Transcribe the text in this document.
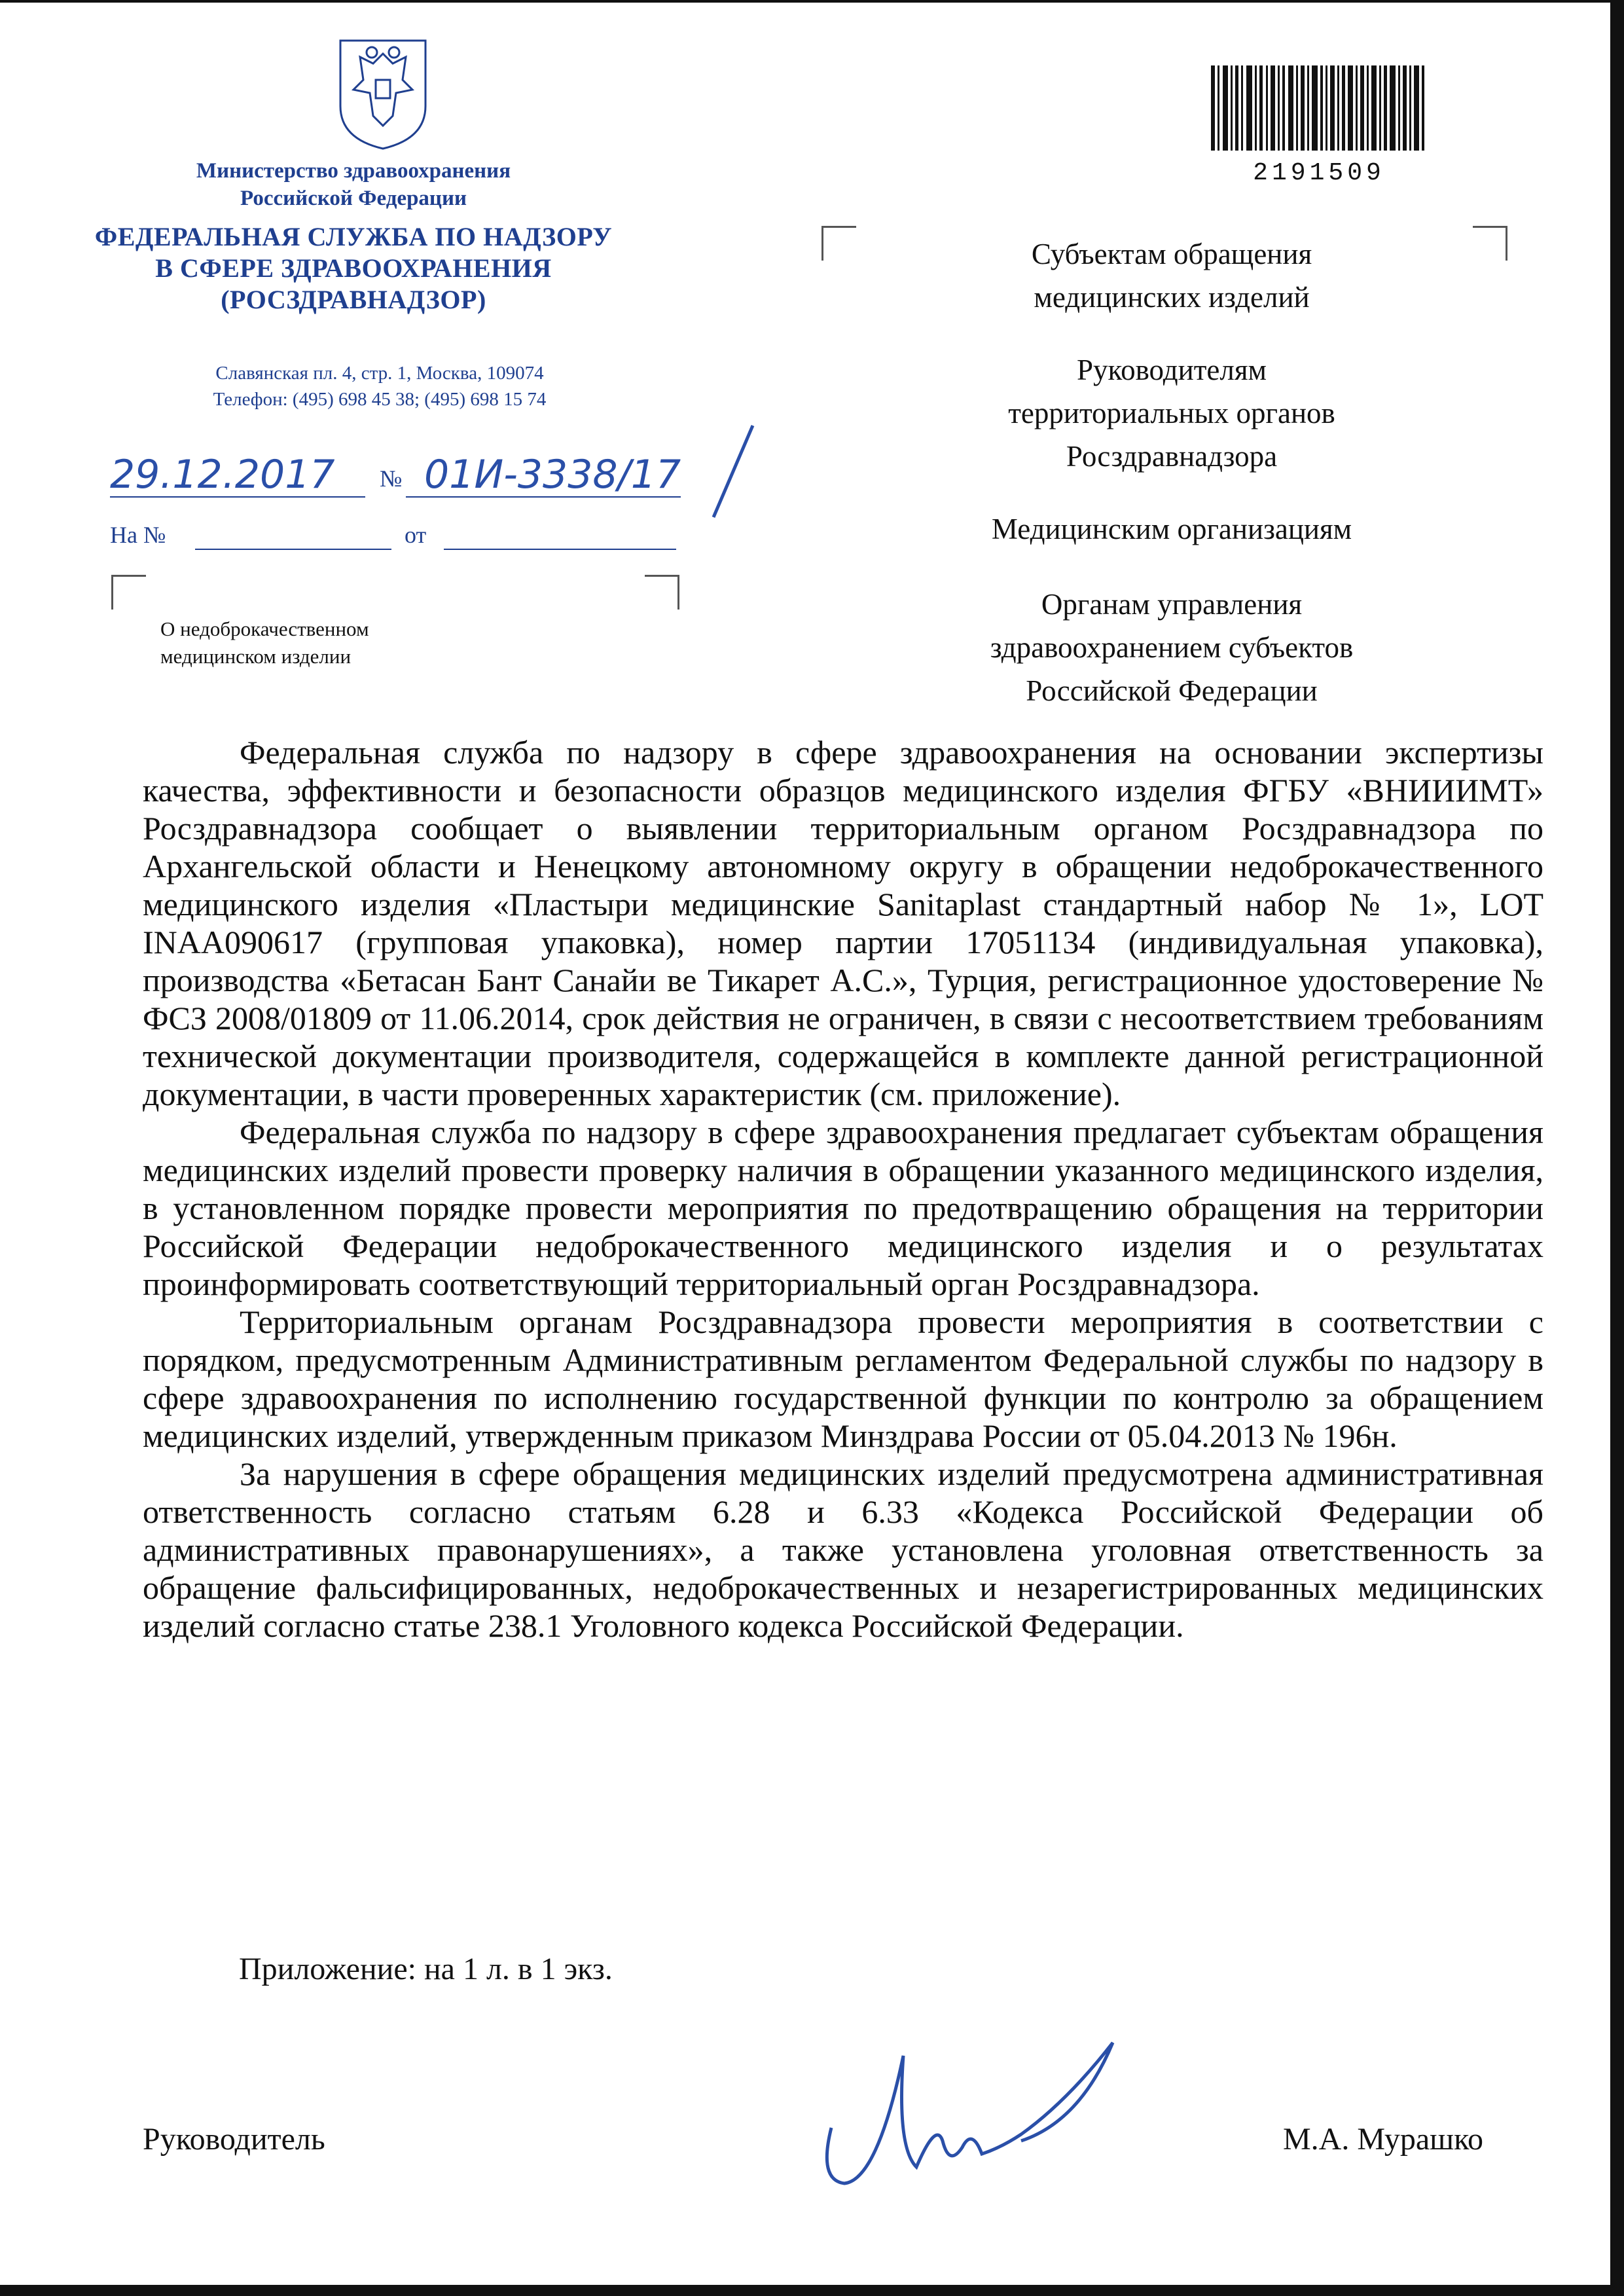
Министерство здравоохранения
Российской Федерации
ФЕДЕРАЛЬНАЯ СЛУЖБА ПО НАДЗОРУ
В СФЕРЕ ЗДРАВООХРАНЕНИЯ
(РОСЗДРАВНАДЗОР)
Славянская пл. 4, стр. 1, Москва, 109074
Телефон: (495) 698 45 38; (495) 698 15 74
2191509
29.12.2017 № 01И-3338/17
На №	от
О недоброкачественном
медицинском изделии
Субъектам обращения
медицинских изделий
Руководителям
территориальных органов
Росздравнадзора
Медицинским организациям
Органам управления
здравоохранением субъектов
Российской Федерации

Федеральная служба по надзору в сфере здравоохранения на основании экспертизы качества, эффективности и безопасности образцов медицинского изделия ФГБУ «ВНИИИМТ» Росздравнадзора сообщает о выявлении территориальным органом Росздравнадзора по Архангельской области и Ненецкому автономному округу в обращении недоброкачественного медицинского изделия «Пластыри медицинские Sanitaplast стандартный набор № 1», LOT INAA090617 (групповая упаковка), номер партии 17051134 (индивидуальная упаковка), производства «Бетасан Бант Санайи ве Тикарет А.С.», Турция, регистрационное удостоверение № ФСЗ 2008/01809 от 11.06.2014, срок действия не ограничен, в связи с несоответствием требованиям технической документации производителя, содержащейся в комплекте данной регистрационной документации, в части проверенных характеристик (см. приложение).

Федеральная служба по надзору в сфере здравоохранения предлагает субъектам обращения медицинских изделий провести проверку наличия в обращении указанного медицинского изделия, в установленном порядке провести мероприятия по предотвращению обращения на территории Российской Федерации недоброкачественного медицинского изделия и о результатах проинформировать соответствующий территориальный орган Росздравнадзора.

Территориальным органам Росздравнадзора провести мероприятия в соответствии с порядком, предусмотренным Административным регламентом Федеральной службы по надзору в сфере здравоохранения по исполнению государственной функции по контролю за обращением медицинских изделий, утвержденным приказом Минздрава России от 05.04.2013 № 196н.

За нарушения в сфере обращения медицинских изделий предусмотрена административная ответственность согласно статьям 6.28 и 6.33 «Кодекса Российской Федерации об административных правонарушениях», а также установлена уголовная ответственность за обращение фальсифицированных, недоброкачественных и незарегистрированных медицинских изделий согласно статье 238.1 Уголовного кодекса Российской Федерации.

Приложение: на 1 л. в 1 экз.
Руководитель	М.А. Мурашко
